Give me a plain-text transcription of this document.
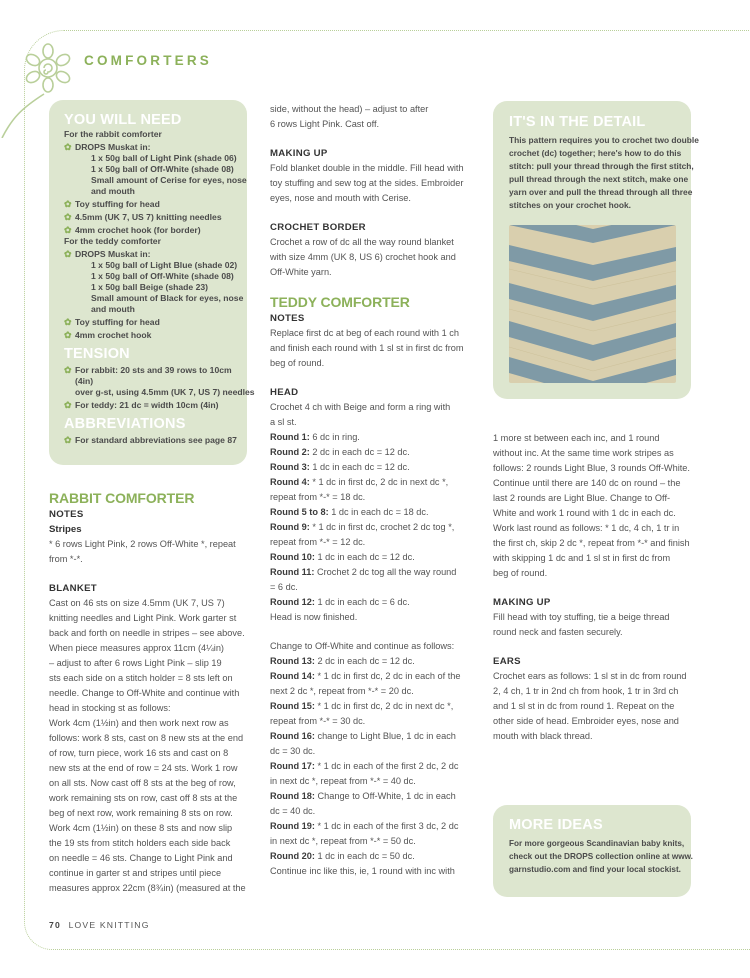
COMFORTERS

YOU WILL NEED

For the rabbit comforter

✿ DROPS Muskat in:

1 x 50g ball of Light Pink (shade 06)

1 x 50g ball of Off-White (shade 08)

Small amount of Cerise for eyes, nose

and mouth

✿ Toy stuffing for head
✿ 4.5mm (UK 7, US 7) knitting needles
✿ 4mm crochet hook (for border)

For the teddy comforter

✿ DROPS Muskat in:

1 x 50g ball of Light Blue (shade 02)

1 x 50g ball of Off-White (shade 08)

1 x 50g ball Beige (shade 23)

Small amount of Black for eyes, nose

and mouth

✿ Toy stuffing for head
✿ 4mm crochet hook

TENSION

✿ For rabbit: 20 sts and 39 rows to 10cm (4in)

over g-st, using 4.5mm (UK 7, US 7) needles

✿ For teddy: 21 dc = width 10cm (4in)

ABBREVIATIONS

✿ For standard abbreviations see page 87

IT'S IN THE DETAIL

This pattern requires you to crochet two double

crochet (dc) together; here's how to do this

stitch: pull your thread through the first stitch,

pull thread through the next stitch, make one

yarn over and pull the thread through all three

stitches on your crochet hook.

MORE IDEAS

For more gorgeous Scandinavian baby knits,

check out the DROPS collection online at www.

garnstudio.com and find your local stockist.

RABBIT COMFORTER

NOTES

Stripes

* 6 rows Light Pink, 2 rows Off-White *, repeat

from *-*.

BLANKET

Cast on 46 sts on size 4.5mm (UK 7, US 7)

knitting needles and Light Pink. Work garter st

back and forth on needle in stripes – see above.

When piece measures approx 11cm (4¼in)

– adjust to after 6 rows Light Pink – slip 19

sts each side on a stitch holder = 8 sts left on

needle. Change to Off-White and continue with

head in stocking st as follows:

Work 4cm (1½in) and then work next row as

follows: work 8 sts, cast on 8 new sts at the end

of row, turn piece, work 16 sts and cast on 8

new sts at the end of row = 24 sts. Work 1 row

on all sts. Now cast off 8 sts at the beg of row,

work remaining sts on row, cast off 8 sts at the

beg of next row, work remaining 8 sts on row.

Work 4cm (1½in) on these 8 sts and now slip

the 19 sts from stitch holders each side back

on needle = 46 sts. Change to Light Pink and

continue in garter st and stripes until piece

measures approx 22cm (8¾in) (measured at the

side, without the head) – adjust to after

6 rows Light Pink. Cast off.

MAKING UP

Fold blanket double in the middle. Fill head with

toy stuffing and sew tog at the sides. Embroider

eyes, nose and mouth with Cerise.

CROCHET BORDER

Crochet a row of dc all the way round blanket

with size 4mm (UK 8, US 6) crochet hook and

Off-White yarn.

TEDDY COMFORTER

NOTES

Replace first dc at beg of each round with 1 ch

and finish each round with 1 sl st in first dc from

beg of round.

HEAD

Crochet 4 ch with Beige and form a ring with

a sl st.

Round 1: 6 dc in ring.

Round 2: 2 dc in each dc = 12 dc.

Round 3: 1 dc in each dc = 12 dc.

Round 4: * 1 dc in first dc, 2 dc in next dc *,

repeat from *-* = 18 dc.

Round 5 to 8: 1 dc in each dc = 18 dc.

Round 9: * 1 dc in first dc, crochet 2 dc tog *,

repeat from *-* = 12 dc.

Round 10: 1 dc in each dc = 12 dc.

Round 11: Crochet 2 dc tog all the way round

= 6 dc.

Round 12: 1 dc in each dc = 6 dc.

Head is now finished.

Change to Off-White and continue as follows:

Round 13: 2 dc in each dc = 12 dc.

Round 14: * 1 dc in first dc, 2 dc in each of the

next 2 dc *, repeat from *-* = 20 dc.

Round 15: * 1 dc in first dc, 2 dc in next dc *,

repeat from *-* = 30 dc.

Round 16: change to Light Blue, 1 dc in each

dc = 30 dc.

Round 17: * 1 dc in each of the first 2 dc, 2 dc

in next dc *, repeat from *-* = 40 dc.

Round 18: Change to Off-White, 1 dc in each

dc = 40 dc.

Round 19: * 1 dc in each of the first 3 dc, 2 dc

in next dc *, repeat from *-* = 50 dc.

Round 20: 1 dc in each dc = 50 dc.

Continue inc like this, ie, 1 round with inc with

1 more st between each inc, and 1 round

without inc. At the same time work stripes as

follows: 2 rounds Light Blue, 3 rounds Off-White.

Continue until there are 140 dc on round – the

last 2 rounds are Light Blue. Change to Off-

White and work 1 round with 1 dc in each dc.

Work last round as follows: * 1 dc, 4 ch, 1 tr in

the first ch, skip 2 dc *, repeat from *-* and finish

with skipping 1 dc and 1 sl st in first dc from

beg of round.

MAKING UP

Fill head with toy stuffing, tie a beige thread

round neck and fasten securely.

EARS

Crochet ears as follows: 1 sl st in dc from round

2, 4 ch, 1 tr in 2nd ch from hook, 1 tr in 3rd ch

and 1 sl st in dc from round 1. Repeat on the

other side of head. Embroider eyes, nose and

mouth with black thread.

70 LOVE KNITTING
